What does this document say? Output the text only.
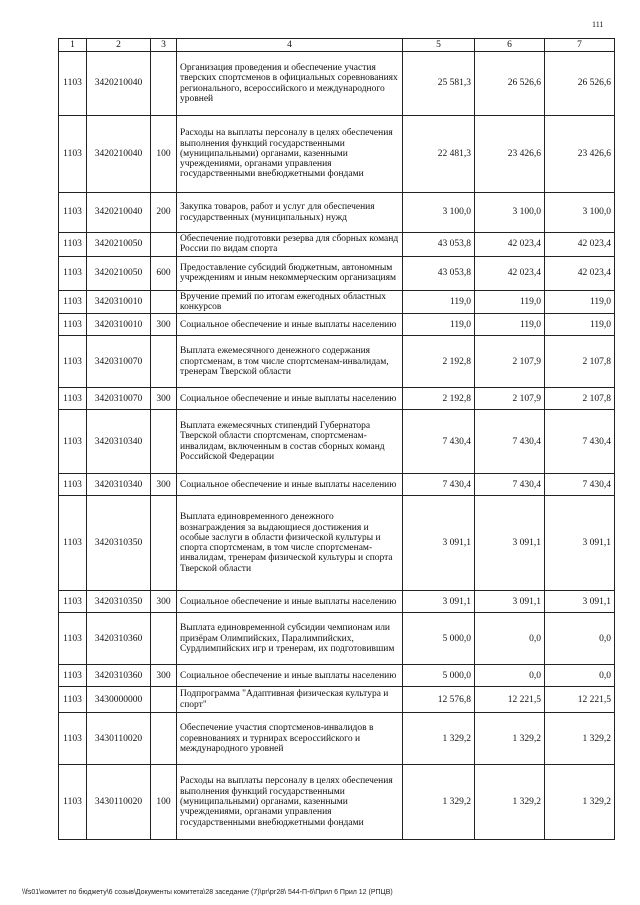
111
1	2	3	4	5	6	7
1103	3420210040		Организация проведения и обеспечение участия тверских спортсменов в официальных соревнованиях регионального, всероссийского и международного уровней	25 581,3	26 526,6	26 526,6
1103	3420210040	100	Расходы на выплаты персоналу в целях обеспечения выполнения функций государственными (муниципальными) органами, казенными учреждениями, органами управления государственными внебюджетными фондами	22 481,3	23 426,6	23 426,6
1103	3420210040	200	Закупка товаров, работ и услуг для обеспечения государственных (муниципальных) нужд	3 100,0	3 100,0	3 100,0
1103	3420210050		Обеспечение подготовки резерва для сборных команд России по видам спорта	43 053,8	42 023,4	42 023,4
1103	3420210050	600	Предоставление субсидий бюджетным, автономным учреждениям и иным некоммерческим организациям	43 053,8	42 023,4	42 023,4
1103	3420310010		Вручение премий по итогам ежегодных областных конкурсов	119,0	119,0	119,0
1103	3420310010	300	Социальное обеспечение и иные выплаты населению	119,0	119,0	119,0
1103	3420310070		Выплата ежемесячного денежного содержания спортсменам, в том числе спортсменам-инвалидам, тренерам Тверской области	2 192,8	2 107,9	2 107,8
1103	3420310070	300	Социальное обеспечение и иные выплаты населению	2 192,8	2 107,9	2 107,8
1103	3420310340		Выплата ежемесячных стипендий Губернатора Тверской области спортсменам, спортсменам-инвалидам, включенным в состав сборных команд Российской Федерации	7 430,4	7 430,4	7 430,4
1103	3420310340	300	Социальное обеспечение и иные выплаты населению	7 430,4	7 430,4	7 430,4
1103	3420310350		Выплата единовременного денежного вознаграждения за выдающиеся достижения и особые заслуги в области физической культуры и спорта спортсменам, в том числе спортсменам-инвалидам, тренерам физической культуры и спорта Тверской области	3 091,1	3 091,1	3 091,1
1103	3420310350	300	Социальное обеспечение и иные выплаты населению	3 091,1	3 091,1	3 091,1
1103	3420310360		Выплата единовременной субсидии чемпионам или призёрам Олимпийских, Паралимпийских, Сурдлимпийских игр и тренерам, их подготовившим	5 000,0	0,0	0,0
1103	3420310360	300	Социальное обеспечение и иные выплаты населению	5 000,0	0,0	0,0
1103	3430000000		Подпрограмма "Адаптивная физическая культура и спорт"	12 576,8	12 221,5	12 221,5
1103	3430110020		Обеспечение участия спортсменов-инвалидов в соревнованиях и турнирах всероссийского и международного уровней	1 329,2	1 329,2	1 329,2
1103	3430110020	100	Расходы на выплаты персоналу в целях обеспечения выполнения функций государственными (муниципальными) органами, казенными учреждениями, органами управления государственными внебюджетными фондами	1 329,2	1 329,2	1 329,2
\\fs01\комитет по бюджету\6 созыв\Документы комитета\28 заседание (7)\рг\рг28\ 544-П-6\Прил 6 Прил 12 (РПЦВ)
